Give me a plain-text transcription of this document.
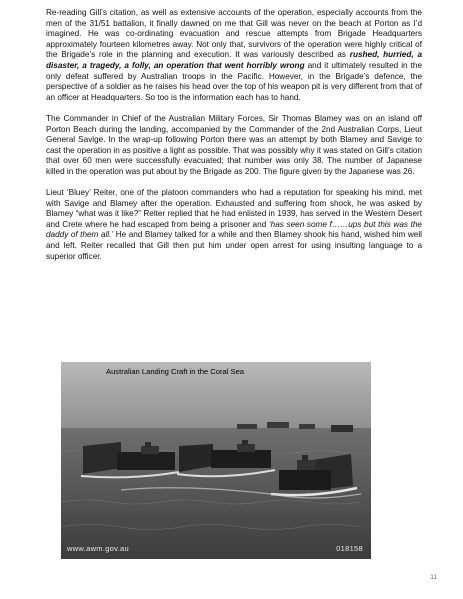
Re-reading Gill’s citation, as well as extensive accounts of the operation, especially accounts from the men of the 31/51 battalion, it finally dawned on me that Gill was never on the beach at Porton as I’d imagined. He was co-ordinating evacuation and rescue attempts from Brigade Headquarters approximately fourteen kilometres away. Not only that, survivors of the operation were highly critical of the Brigade’s role in the planning and execution. It was variously described as rushed, hurried, a disaster, a tragedy, a folly, an operation that went horribly wrong and it ultimately resulted in the only defeat suffered by Australian troops in the Pacific. However, in the Brigade’s defence, the perspective of a soldier as he raises his head over the top of his weapon pit is very different from that of an officer at Headquarters. So too is the information each has to hand.

The Commander in Chief of the Australian Military Forces, Sir Thomas Blamey was on an island off Porton Beach during the landing, accompanied by the Commander of the 2nd Australian Corps, Lieut General Savige. In the wrap-up following Porton there was an attempt by both Blamey and Savige to cast the operation in as positive a light as possible. That was possibly why it was stated on Gill’s citation that over 60 men were successfully evacuated; that number was only 38. The number of Japanese killed in the operation was put about by the Brigade as 200. The figure given by the Japanese was 26.

Lieut ‘Bluey’ Reiter, one of the platoon commanders who had a reputation for speaking his mind, met with Savige and Blamey after the operation. Exhausted and suffering from shock, he was asked by Blamey “what was it like?” Reiter replied that he had enlisted in 1939, has served in the Western Desert and Crete where he had escaped from being a prisoner and ‘has seen some f……ups but this was the daddy of them all.’ He and Blamey talked for a while and then Blamey shook his hand, wished him well and left. Reiter recalled that Gill then put him under open arrest for using insulting language to a superior officer.

Australian Landing Craft in the Coral Sea
www.awm.gov.au	018158
11
